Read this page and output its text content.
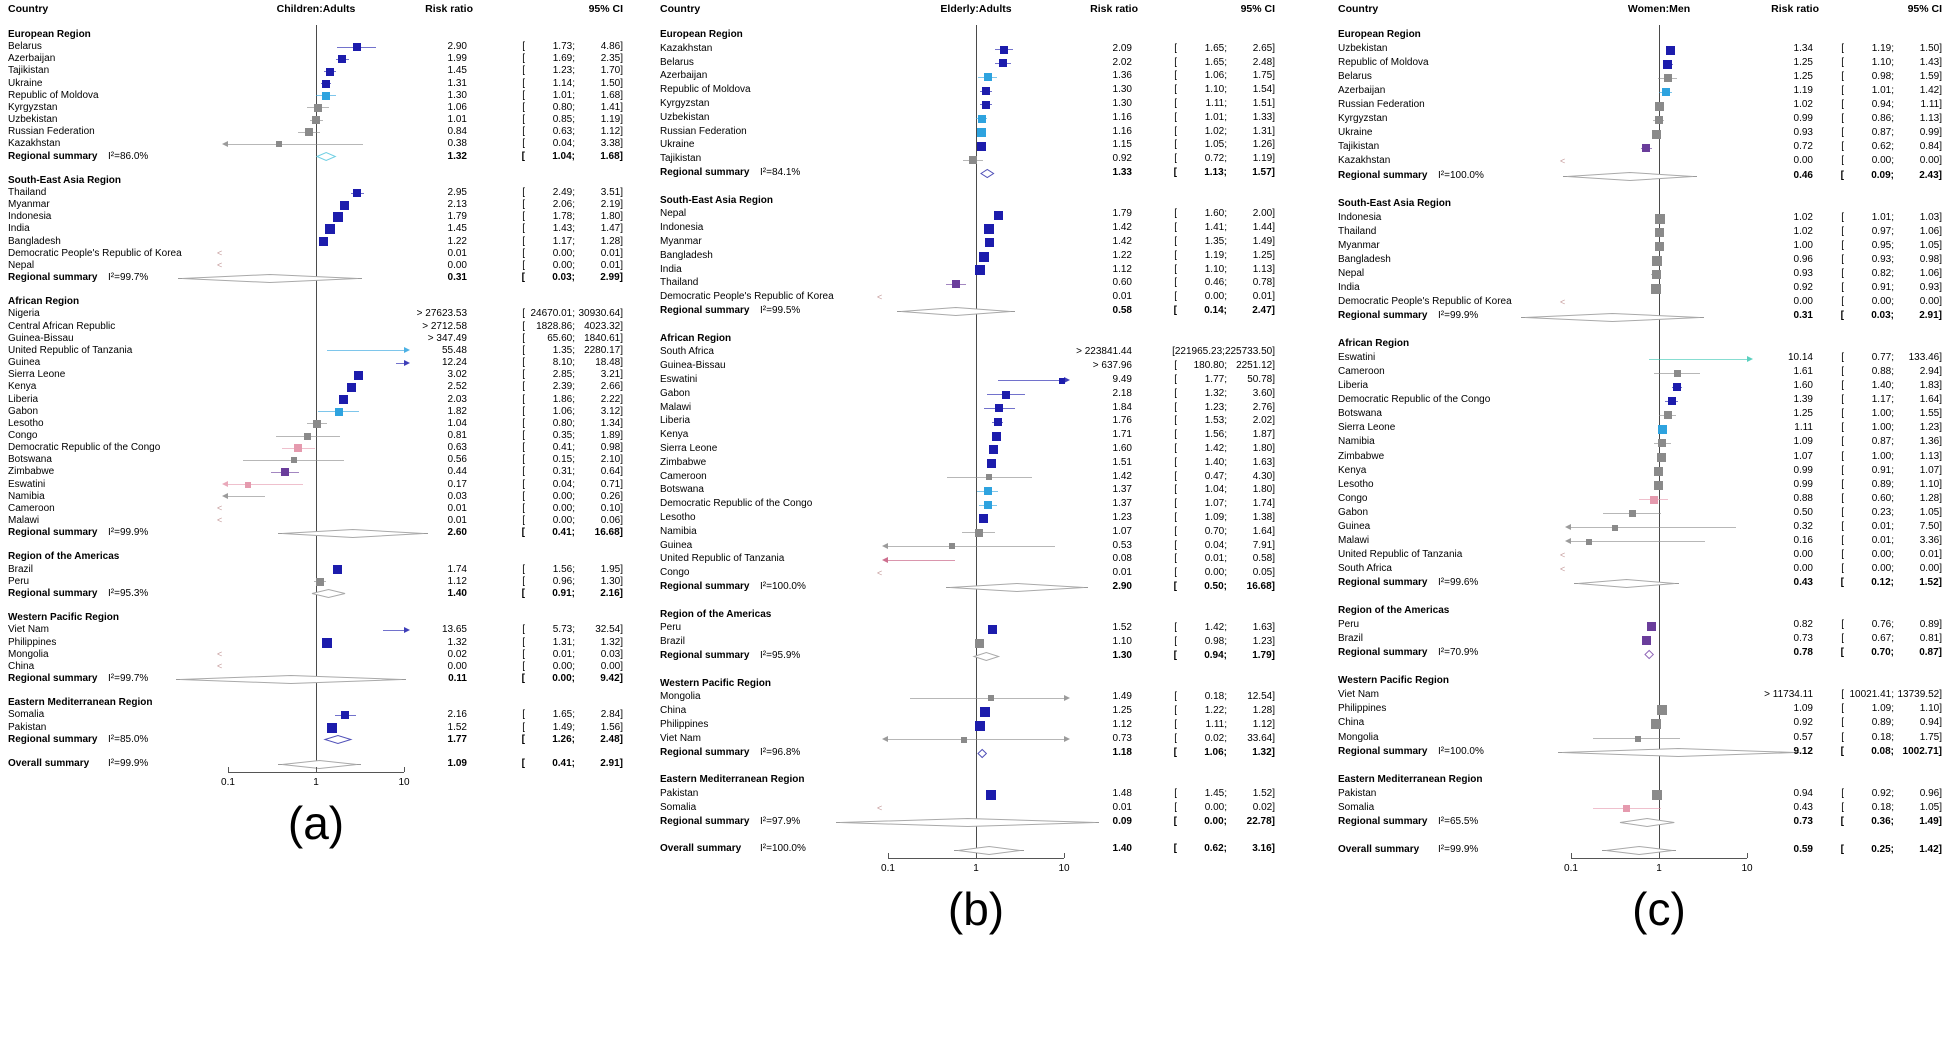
Country	Children:Adults	Risk ratio	95% CI
European Region
Belarus	2.90	[	1.73;	4.86]
Azerbaijan	1.99	[	1.69;	2.35]
Tajikistan	1.45	[	1.23;	1.70]
Ukraine	1.31	[	1.14;	1.50]
Republic of Moldova	1.30	[	1.01;	1.68]
Kyrgyzstan	1.06	[	0.80;	1.41]
Uzbekistan	1.01	[	0.85;	1.19]
Russian Federation	0.84	[	0.63;	1.12]
Kazakhstan	0.38	[	0.04;	3.38]
Regional summary I²=86.0%	1.32	[	1.04;	1.68]
South-East Asia Region
Thailand	2.95	[	2.49;	3.51]
Myanmar	2.13	[	2.06;	2.19]
Indonesia	1.79	[	1.78;	1.80]
India	1.45	[	1.43;	1.47]
Bangladesh	1.22	[	1.17;	1.28]
Democratic People's Republic of Korea	<	0.01	[	0.00;	0.01]
Nepal	<	0.00	[	0.00;	0.01]
Regional summary I²=99.7%	0.31	[	0.03;	2.99]
African Region
Nigeria	> 27623.53	[ 24670.01; 30930.64]
Central African Republic	> 2712.58	[	1828.86; 4023.32]
Guinea-Bissau	> 347.49	[	65.60; 1840.61]
United Republic of Tanzania	55.48	[	1.35; 2280.17]
Guinea	12.24	[	8.10;	18.48]
Sierra Leone	3.02	[	2.85;	3.21]
Kenya	2.52	[	2.39;	2.66]
Liberia	2.03	[	1.86;	2.22]
Gabon	1.82	[	1.06;	3.12]
Lesotho	1.04	[	0.80;	1.34]
Congo	0.81	[	0.35;	1.89]
Democratic Republic of the Congo	0.63	[	0.41;	0.98]
Botswana	0.56	[	0.15;	2.10]
Zimbabwe	0.44	[	0.31;	0.64]
Eswatini	0.17	[	0.04;	0.71]
Namibia	0.03	[	0.00;	0.26]
Cameroon	<	0.01	[	0.00;	0.10]
Malawi	<	0.01	[	0.00;	0.06]
Regional summary I²=99.9%	2.60	[	0.41;	16.68]
Region of the Americas
Brazil	1.74	[	1.56;	1.95]
Peru	1.12	[	0.96;	1.30]
Regional summary I²=95.3%	1.40	[	0.91;	2.16]
Western Pacific Region
Viet Nam	13.65	[	5.73;	32.54]
Philippines	1.32	[	1.31;	1.32]
Mongolia	<	0.02	[	0.01;	0.03]
China	<	0.00	[	0.00;	0.00]
Regional summary I²=99.7%	0.11	[	0.00;	9.42]
Eastern Mediterranean Region
Somalia	2.16	[	1.65;	2.84]
Pakistan	1.52	[	1.49;	1.56]
Regional summary I²=85.0%	1.77	[	1.26;	2.48]
Overall summary I²=99.9%	1.09	[	0.41;	2.91]
0.1	1	10
(a)
Country	Elderly:Adults	Risk ratio	95% CI
European Region
Kazakhstan	2.09	[	1.65;	2.65]
Belarus	2.02	[	1.65;	2.48]
Azerbaijan	1.36	[	1.06;	1.75]
Republic of Moldova	1.30	[	1.10;	1.54]
Kyrgyzstan	1.30	[	1.11;	1.51]
Uzbekistan	1.16	[	1.01;	1.33]
Russian Federation	1.16	[	1.02;	1.31]
Ukraine	1.15	[	1.05;	1.26]
Tajikistan	0.92	[	0.72;	1.19]
Regional summary I²=84.1%	1.33	[	1.13;	1.57]
South-East Asia Region
Nepal	1.79	[	1.60;	2.00]
Indonesia	1.42	[	1.41;	1.44]
Myanmar	1.42	[	1.35;	1.49]
Bangladesh	1.22	[	1.19;	1.25]
India	1.12	[	1.10;	1.13]
Thailand	0.60	[	0.46;	0.78]
Democratic People's Republic of Korea	<	0.01	[	0.00;	0.01]
Regional summary I²=99.5%	0.58	[	0.14;	2.47]
African Region
South Africa	> 223841.44	[ 221965.23; 225733.50]
Guinea-Bissau	> 637.96	[	180.80; 2251.12]
Eswatini	9.49	[	1.77;	50.78]
Gabon	2.18	[	1.32;	3.60]
Malawi	1.84	[	1.23;	2.76]
Liberia	1.76	[	1.53;	2.02]
Kenya	1.71	[	1.56;	1.87]
Sierra Leone	1.60	[	1.42;	1.80]
Zimbabwe	1.51	[	1.40;	1.63]
Cameroon	1.42	[	0.47;	4.30]
Botswana	1.37	[	1.04;	1.80]
Democratic Republic of the Congo	1.37	[	1.07;	1.74]
Lesotho	1.23	[	1.09;	1.38]
Namibia	1.07	[	0.70;	1.64]
Guinea	0.53	[	0.04;	7.91]
United Republic of Tanzania	0.08	[	0.01;	0.58]
Congo	<	0.01	[	0.00;	0.05]
Regional summary I²=100.0%	2.90	[	0.50;	16.68]
Region of the Americas
Peru	1.52	[	1.42;	1.63]
Brazil	1.10	[	0.98;	1.23]
Regional summary I²=95.9%	1.30	[	0.94;	1.79]
Western Pacific Region
Mongolia	1.49	[	0.18;	12.54]
China	1.25	[	1.22;	1.28]
Philippines	1.12	[	1.11;	1.12]
Viet Nam	0.73	[	0.02;	33.64]
Regional summary I²=96.8%	1.18	[	1.06;	1.32]
Eastern Mediterranean Region
Pakistan	1.48	[	1.45;	1.52]
Somalia	<	0.01	[	0.00;	0.02]
Regional summary I²=97.9%	0.09	[	0.00;	22.78]
Overall summary I²=100.0%	1.40	[	0.62;	3.16]
0.1	1	10
(b)
Country	Women:Men	Risk ratio	95% CI
European Region
Uzbekistan	1.34	[	1.19;	1.50]
Republic of Moldova	1.25	[	1.10;	1.43]
Belarus	1.25	[	0.98;	1.59]
Azerbaijan	1.19	[	1.01;	1.42]
Russian Federation	1.02	[	0.94;	1.11]
Kyrgyzstan	0.99	[	0.86;	1.13]
Ukraine	0.93	[	0.87;	0.99]
Tajikistan	0.72	[	0.62;	0.84]
Kazakhstan	<	0.00	[	0.00;	0.00]
Regional summary I²=100.0%	0.46	[	0.09;	2.43]
South-East Asia Region
Indonesia	1.02	[	1.01;	1.03]
Thailand	1.02	[	0.97;	1.06]
Myanmar	1.00	[	0.95;	1.05]
Bangladesh	0.96	[	0.93;	0.98]
Nepal	0.93	[	0.82;	1.06]
India	0.92	[	0.91;	0.93]
Democratic People's Republic of Korea	<	0.00	[	0.00;	0.00]
Regional summary I²=99.9%	0.31	[	0.03;	2.91]
African Region
Eswatini	10.14	[	0.77;	133.46]
Cameroon	1.61	[	0.88;	2.94]
Liberia	1.60	[	1.40;	1.83]
Democratic Republic of the Congo	1.39	[	1.17;	1.64]
Botswana	1.25	[	1.00;	1.55]
Sierra Leone	1.11	[	1.00;	1.23]
Namibia	1.09	[	0.87;	1.36]
Zimbabwe	1.07	[	1.00;	1.13]
Kenya	0.99	[	0.91;	1.07]
Lesotho	0.99	[	0.89;	1.10]
Congo	0.88	[	0.60;	1.28]
Gabon	0.50	[	0.23;	1.05]
Guinea	0.32	[	0.01;	7.50]
Malawi	0.16	[	0.01;	3.36]
United Republic of Tanzania	<	0.00	[	0.00;	0.01]
South Africa	<	0.00	[	0.00;	0.00]
Regional summary I²=99.6%	0.43	[	0.12;	1.52]
Region of the Americas
Peru	0.82	[	0.76;	0.89]
Brazil	0.73	[	0.67;	0.81]
Regional summary I²=70.9%	0.78	[	0.70;	0.87]
Western Pacific Region
Viet Nam	> 11734.11	[ 10021.41; 13739.52]
Philippines	1.09	[	1.09;	1.10]
China	0.92	[	0.89;	0.94]
Mongolia	0.57	[	0.18;	1.75]
Regional summary I²=100.0%	9.12	[	0.08; 1002.71]
Eastern Mediterranean Region
Pakistan	0.94	[	0.92;	0.96]
Somalia	0.43	[	0.18;	1.05]
Regional summary I²=65.5%	0.73	[	0.36;	1.49]
Overall summary I²=99.9%	0.59	[	0.25;	1.42]
0.1	1	10
(c)
